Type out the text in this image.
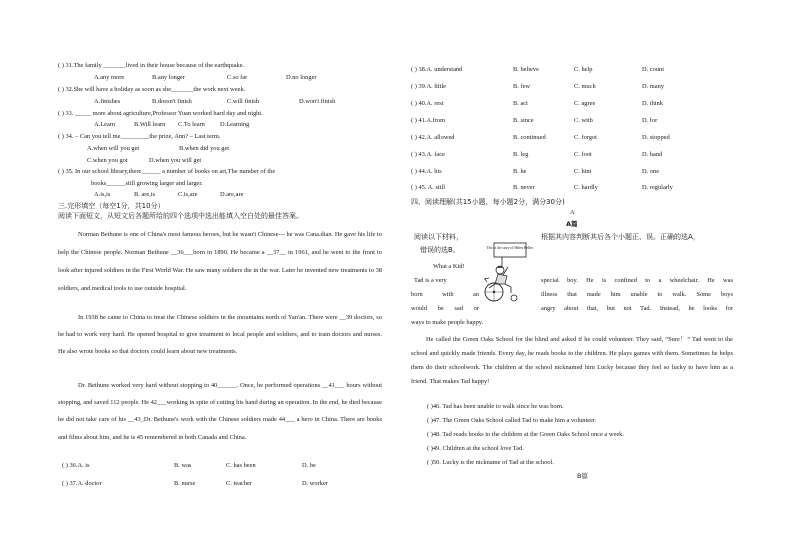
( ) 31.The family _______lived in their house because of the earthquake.
A.any more	B.any longer	C.so far	D.no longer
( ) 32.She will have a holiday as soon as she_______the work next week.
A.finishes	B.doesn't finish	C.will finish	D.won't finish
( ) 33. _____ more about agriculture,Professor Yuan worked hard day and night.
A.Learn	B.Will learn C.To learn D.Learning
( ) 34. – Can you tell me_________the prize, Ann? – Last term.
A.when will you get	B.when did you get
C.when you got	D.when you will get
( ) 35. In our school library,there______ a number of books on art,The number of the
books______still growing larger and larger.
A.is,is	B. are,is	C.is,are	D.are,are
三.完形填空（每空1分，共10分）
阅读下面短文，从短文后各题所给的四个选项中选出能填入空白处的最佳答案。
Norman Bethune is one of China's most famous heroes, but he wasn't Chinese--- he was Cana.dian. He gave his life to help the Chinese people. Norman Bethune __36___born in 1890. He became a __37__ in 1961, and he went to the front to look after injured soldiers in the First World War. He saw many soldiers die in the war. Later he invented new treatments to 38 soldiers, and medical tools to use outside hospital.
In 1938 he came to China to treat the Chinese soldiers in the mountains north of Yan'an. There were __39 doctors, so he had to work very hard. He opened hospital to give treatment to local people and soldiers, and to train doctors and nurses. He also wrote books so that doctors could learn about new treatments.
Dr. Bethune worked very hard without stopping to 40______. Once, he performed operations __41___ hours without stopping, and saved 112 people. He 42___working in spite of cutting his hand during an operation. In the end, he died because he did not take care of his __43_Dr. Bethune's work with the Chinese soldiers made 44___ a hero in China. There are books and films about him, and he is 45 remembered in both Canada and China.
( ) 36.A. is	B. was	C. has been	D. be
( ) 37.A. doctor	B. nurse	C. teacher	D. worker
( ) 38.A. understand	B. believe	C. help	D. count
( ) 39.A. little	B. few	C. much	D. many
( ) 40.A. rest	B. act	C. agree	D. think
( ) 41.A.from	B. since	C. with	D. for
( ) 42.A. allowed	B. continued	C. forgot	D. stopped
( ) 43.A. face	B. leg	C. foot	D. hand
( ) 44.A. his	B. he	C. him	D. one
( ) 45. A. still	B. never	C. hardly	D. regularly
四、阅读理解(共15小题，每小题2分，满分30分)
A
A篇
阅读以下材料，	根据其内容判断其后各个小题正、误。正确的选A，
错误的选B。	This is the story of Helen Keller.
What a Kid!
Tad is a very	special boy. He is confined to a wheelchair. He was
born with an	illness that made him unable to walk. Some boys
would be sad or	angry about that, but not Tad. Instead, he looks for
ways to make people happy.
He called the Green Oaks School for the blind and asked if he could volunteer. They said, “Sure！” Tad went to the school and quickly made friends. Every day, he reads books to the children. He plays games with them. Sometimes he helps them do their schoolwork. The children at the school nicknamed him Lucky because they feel so lucky to have him as a friend. That makes Tad happy!
( )46. Tad has been unable to walk since he was born.
( )47. The Green Oaks School called Tad to make him a volunteer.
( )48. Tad reads books to the children at the Green Oaks School once a week.
( )49. Children at the school love Tad.
( )50. Lucky is the nickname of Tad at the school.
B篇
